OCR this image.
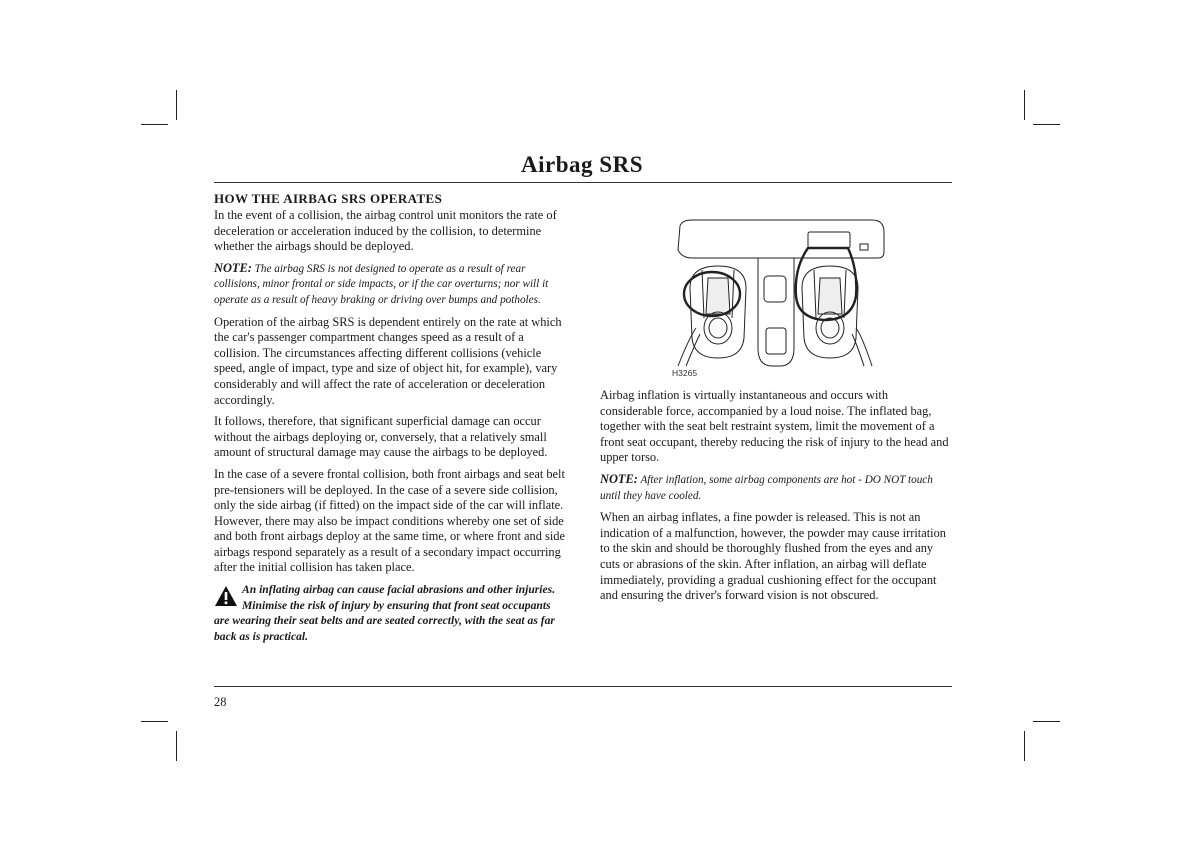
Airbag SRS
HOW THE AIRBAG SRS OPERATES

In the event of a collision, the airbag control unit monitors the rate of deceleration or acceleration induced by the collision, to determine whether the airbags should be deployed.

NOTE: The airbag SRS is not designed to operate as a result of rear collisions, minor frontal or side impacts, or if the car overturns; nor will it operate as a result of heavy braking or driving over bumps and potholes.

Operation of the airbag SRS is dependent entirely on the rate at which the car's passenger compartment changes speed as a result of a collision. The circumstances affecting different collisions (vehicle speed, angle of impact, type and size of object hit, for example), vary considerably and will affect the rate of acceleration or deceleration accordingly.

It follows, therefore, that significant superficial damage can occur without the airbags deploying or, conversely, that a relatively small amount of structural damage may cause the airbags to be deployed.

In the case of a severe frontal collision, both front airbags and seat belt pre-tensioners will be deployed. In the case of a severe side collision, only the side airbag (if fitted) on the impact side of the car will inflate. However, there may also be impact conditions whereby one set of side and both front airbags deploy at the same time, or where front and side airbags respond separately as a result of a secondary impact occurring after the initial collision has taken place.

An inflating airbag can cause facial abrasions and other injuries. Minimise the risk of injury by ensuring that front seat occupants are wearing their seat belts and are seated correctly, with the seat as far back as is practical.
H3265

Airbag inflation is virtually instantaneous and occurs with considerable force, accompanied by a loud noise. The inflated bag, together with the seat belt restraint system, limit the movement of a front seat occupant, thereby reducing the risk of injury to the head and upper torso.

NOTE: After inflation, some airbag components are hot - DO NOT touch until they have cooled.

When an airbag inflates, a fine powder is released. This is not an indication of a malfunction, however, the powder may cause irritation to the skin and should be thoroughly flushed from the eyes and any cuts or abrasions of the skin. After inflation, an airbag will deflate immediately, providing a gradual cushioning effect for the occupant and ensuring the driver's forward vision is not obscured.

28
